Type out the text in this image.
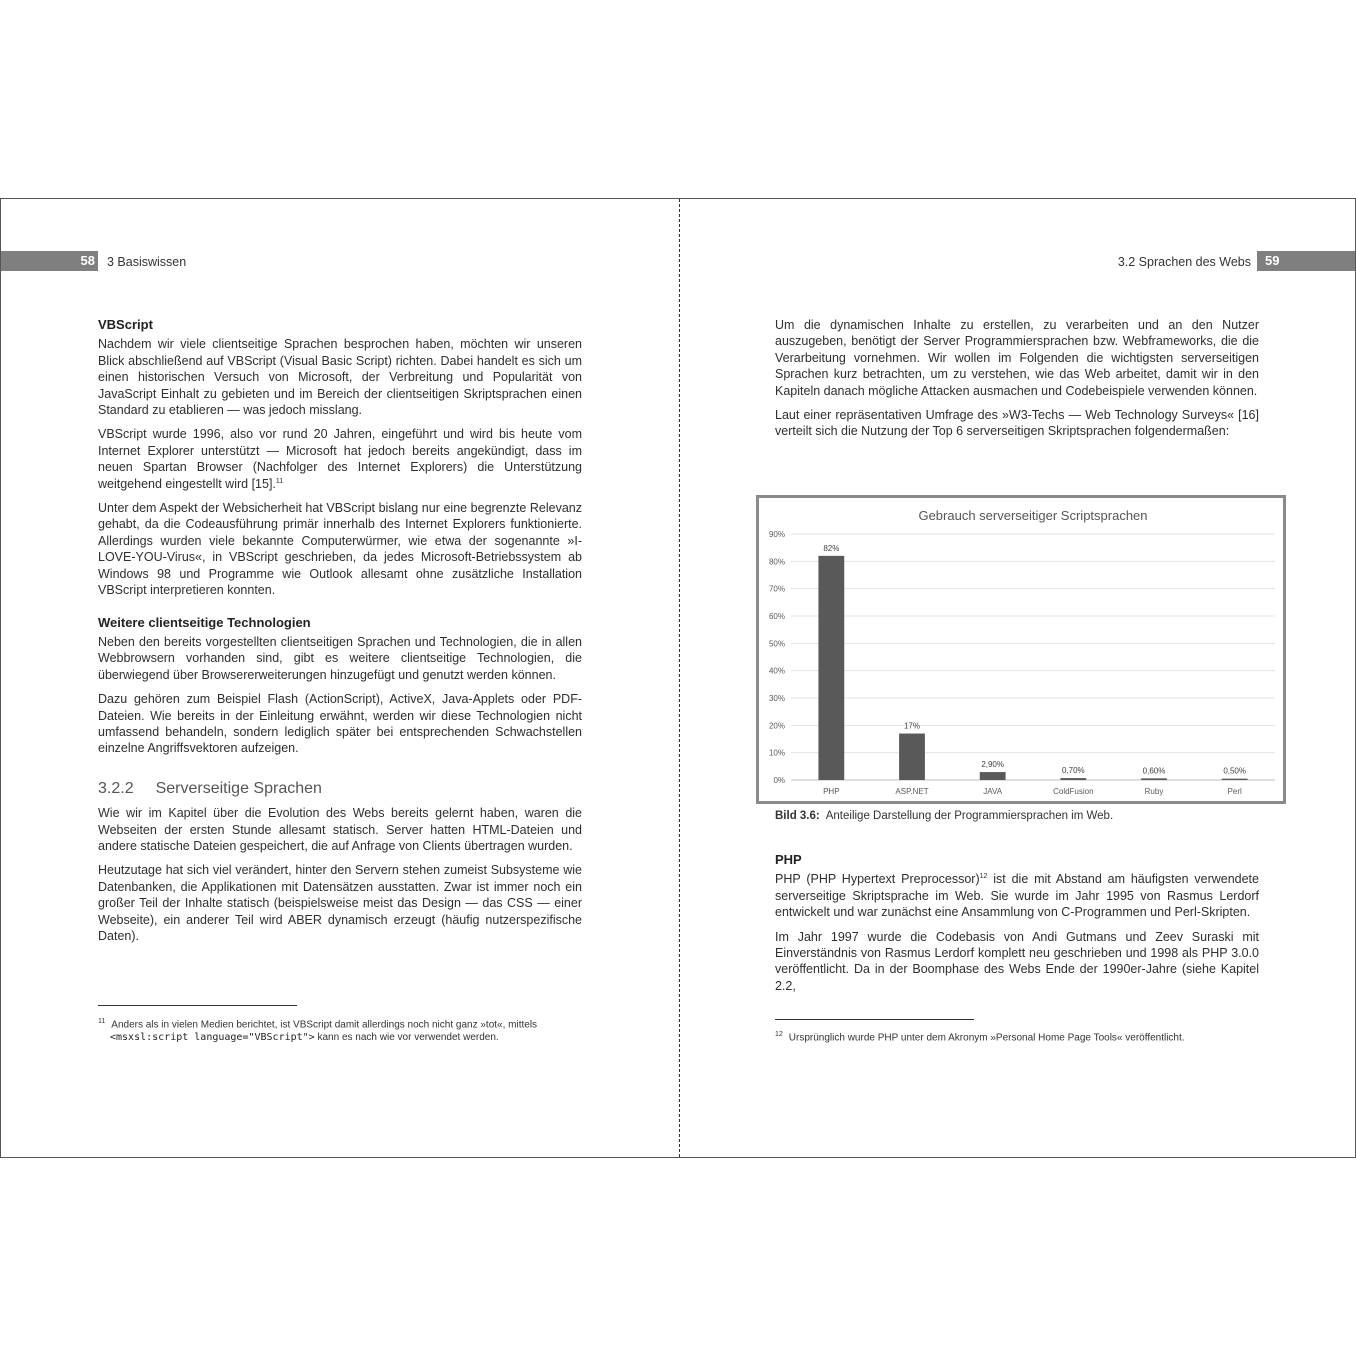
58 3 Basiswissen	59
3.2 Sprachen des Webs
VBScript

Nachdem wir viele clientseitige Sprachen besprochen haben, möchten wir unseren Blick abschließend auf VBScript (Visual Basic Script) richten. Dabei handelt es sich um einen historischen Versuch von Microsoft, der Verbreitung und Popularität von JavaScript Einhalt zu gebieten und im Bereich der clientseitigen Skriptsprachen einen Standard zu etablieren — was jedoch misslang.

VBScript wurde 1996, also vor rund 20 Jahren, eingeführt und wird bis heute vom Internet Explorer unterstützt — Microsoft hat jedoch bereits angekündigt, dass im neuen Spartan Browser (Nachfolger des Internet Explorers) die Unterstützung weitgehend eingestellt wird [15].$^{11}$

Unter dem Aspekt der Websicherheit hat VBScript bislang nur eine begrenzte Relevanz gehabt, da die Codeausführung primär innerhalb des Internet Explorers funktionierte. Allerdings wurden viele bekannte Computerwürmer, wie etwa der sogenannte »I-LOVE-YOU-Virus«, in VBScript geschrieben, da jedes Microsoft-Betriebssystem ab Windows 98 und Programme wie Outlook allesamt ohne zusätzliche Installation VBScript interpretieren konnten.

Weitere clientseitige Technologien

Neben den bereits vorgestellten clientseitigen Sprachen und Technologien, die in allen Webbrowsern vorhanden sind, gibt es weitere clientseitige Technologien, die überwiegend über Browsererweiterungen hinzugefügt und genutzt werden können.

Dazu gehören zum Beispiel Flash (ActionScript), ActiveX, Java-Applets oder PDF-Dateien. Wie bereits in der Einleitung erwähnt, werden wir diese Technologien nicht umfassend behandeln, sondern lediglich später bei entsprechenden Schwachstellen einzelne Angriffsvektoren aufzeigen.

3.2.2 Serverseitige Sprachen

Wie wir im Kapitel über die Evolution des Webs bereits gelernt haben, waren die Webseiten der ersten Stunde allesamt statisch. Server hatten HTML-Dateien und andere statische Dateien gespeichert, die auf Anfrage von Clients übertragen wurden.

Heutzutage hat sich viel verändert, hinter den Servern stehen zumeist Subsysteme wie Datenbanken, die Applikationen mit Datensätzen ausstatten. Zwar ist immer noch ein großer Teil der Inhalte statisch (beispielsweise meist das Design — das CSS — einer Webseite), ein anderer Teil wird ABER dynamisch erzeugt (häufig nutzerspezifische Daten).

$^{11}$ Anders als in vielen Medien berichtet, ist VBScript damit allerdings noch nicht ganz »tot«, mittels
<msxsl:script language="VBScript"> kann es nach wie vor verwendet werden.

Um die dynamischen Inhalte zu erstellen, zu verarbeiten und an den Nutzer auszugeben, benötigt der Server Programmiersprachen bzw. Webframeworks, die die Verarbeitung vornehmen. Wir wollen im Folgenden die wichtigsten serverseitigen Sprachen kurz betrachten, um zu verstehen, wie das Web arbeitet, damit wir in den Kapiteln danach mögliche Attacken ausmachen und Codebeispiele verwenden können.

Laut einer repräsentativen Umfrage des »W3-Techs — Web Technology Surveys« [16] verteilt sich die Nutzung der Top 6 serverseitigen Skriptsprachen folgendermaßen:

PHP

PHP (PHP Hypertext Preprocessor)$^{12}$ ist die mit Abstand am häufigsten verwendete serverseitige Skriptsprache im Web. Sie wurde im Jahr 1995 von Rasmus Lerdorf entwickelt und war zunächst eine Ansammlung von C-Programmen und Perl-Skripten.

Im Jahr 1997 wurde die Codebasis von Andi Gutmans und Zeev Suraski mit Einverständnis von Rasmus Lerdorf komplett neu geschrieben und 1998 als PHP 3.0.0 veröffentlicht. Da in der Boomphase des Webs Ende der 1990er-Jahre (siehe Kapitel 2.2,

$^{12}$ Ursprünglich wurde PHP unter dem Akronym »Personal Home Page Tools« veröffentlicht.
Gebrauch serverseitiger Scriptsprachen
0%
10%
20%
30%
40%
50%
60%
70%
80%
90%
82%
PHP
17%
ASP.NET
2,90%
JAVA
0,70%
ColdFusion
0,60%
Ruby
0,50%
Perl
Bild 3.6: Anteilige Darstellung der Programmiersprachen im Web.
